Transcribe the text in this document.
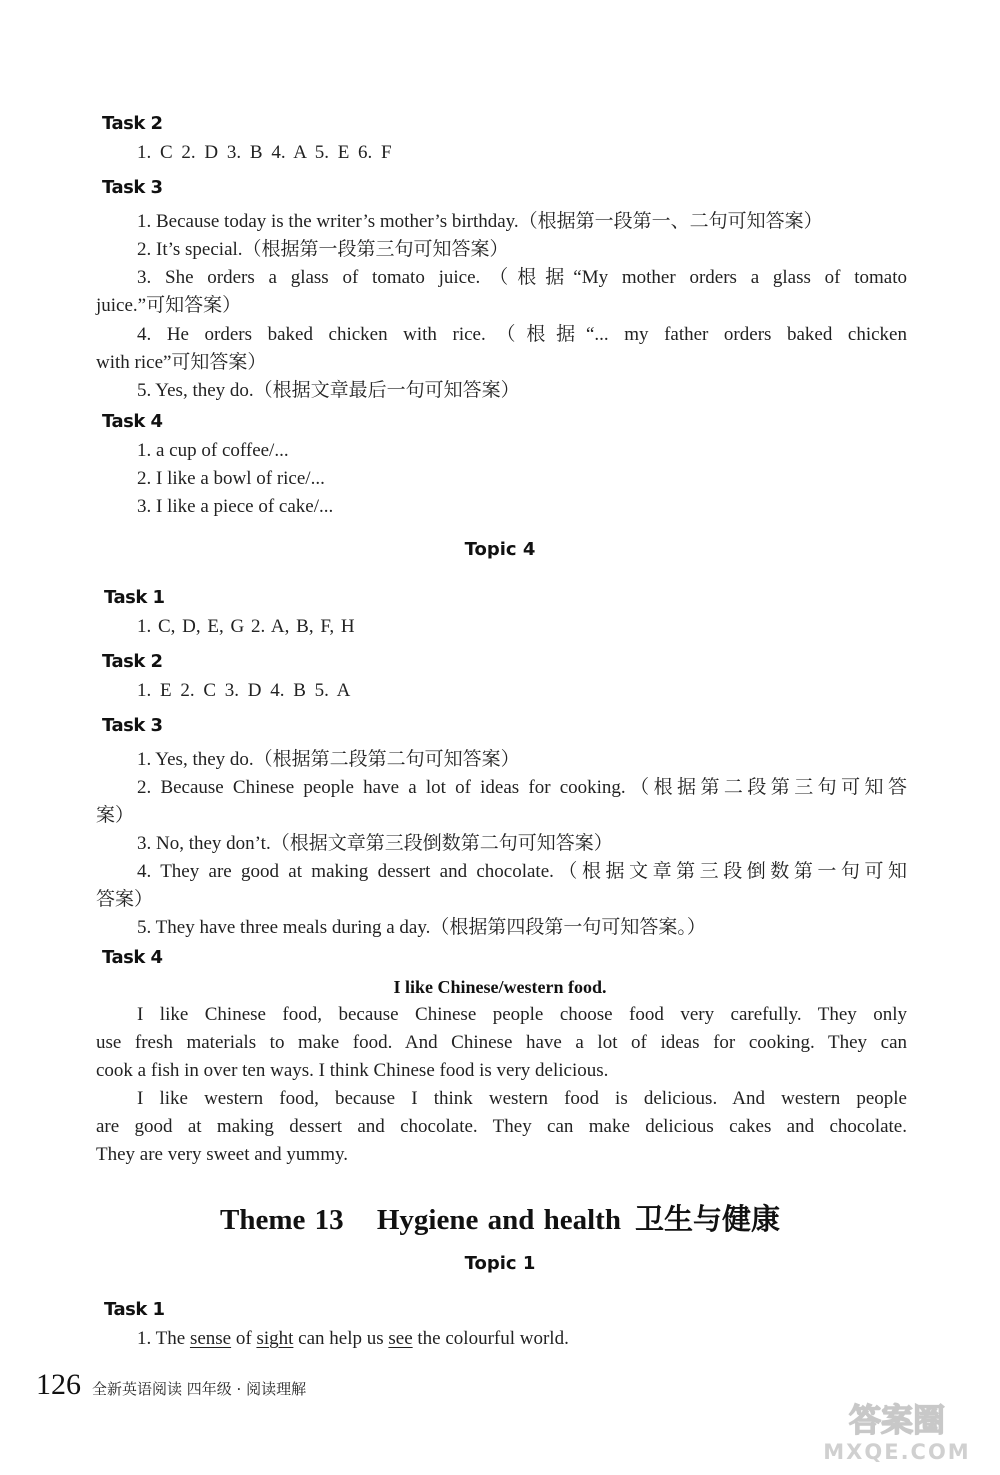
Task 2
1. C 2. D 3. B 4. A 5. E 6. F
Task 3
1. Because today is the writer’s mother’s birthday.（根据第一段第一、二句可知答案）
2. It’s special.（根据第一段第三句可知答案）
3. She orders a glass of tomato juice.（根据“My mother orders a glass of tomato
juice.”可知答案）
4. He orders baked chicken with rice.（根据“... my father orders baked chicken
with rice”可知答案）
5. Yes, they do.（根据文章最后一句可知答案）
Task 4
1. a cup of coffee/...
2. I like a bowl of rice/...
3. I like a piece of cake/...
Topic 4
Task 1
1. C, D, E, G 2. A, B, F, H
Task 2
1. E 2. C 3. D 4. B 5. A
Task 3
1. Yes, they do.（根据第二段第二句可知答案）
2. Because Chinese people have a lot of ideas for cooking.（根据第二段第三句可知答
案）
3. No, they don’t.（根据文章第三段倒数第二句可知答案）
4. They are good at making dessert and chocolate.（根据文章第三段倒数第一句可知
答案）
5. They have three meals during a day.（根据第四段第一句可知答案。）
Task 4
I like Chinese/western food.
I like Chinese food, because Chinese people choose food very carefully. They only
use fresh materials to make food. And Chinese have a lot of ideas for cooking. They can
cook a fish in over ten ways. I think Chinese food is very delicious.
I like western food, because I think western food is delicious. And western people
are good at making dessert and chocolate. They can make delicious cakes and chocolate.
They are very sweet and yummy.
Theme 13 Hygiene and health 卫生与健康
Topic 1
Task 1
1. The sense of sight can help us see the colourful world.
126 全新英语阅读 四年级 · 阅读理解
答案圈
MXQE.COM
